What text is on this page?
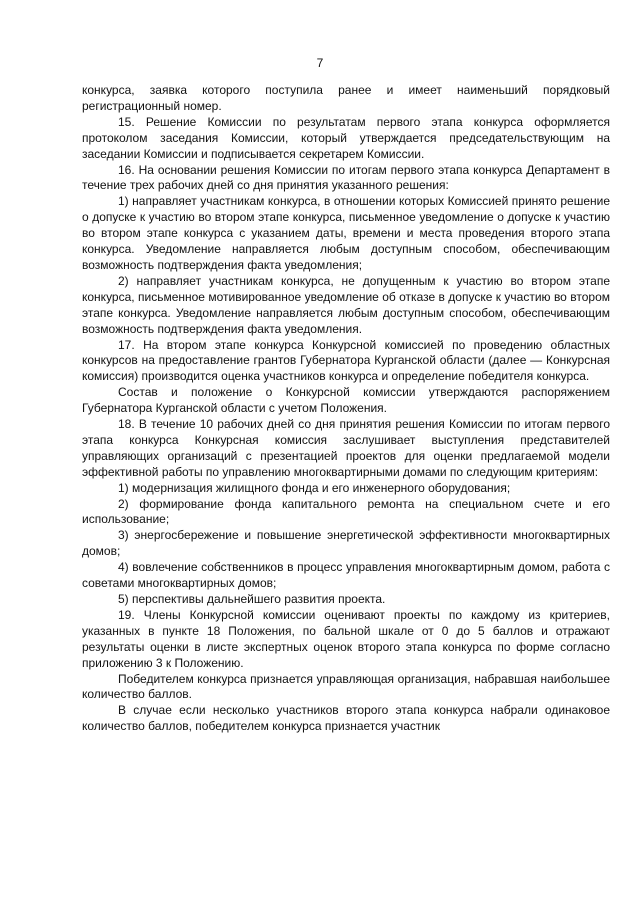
7

конкурса, заявка которого поступила ранее и имеет наименьший порядковый регистрационный номер.

15. Решение Комиссии по результатам первого этапа конкурса оформляется протоколом заседания Комиссии, который утверждается председательствующим на заседании Комиссии и подписывается секретарем Комиссии.

16. На основании решения Комиссии по итогам первого этапа конкурса Департамент в течение трех рабочих дней со дня принятия указанного решения:

1) направляет участникам конкурса, в отношении которых Комиссией принято решение о допуске к участию во втором этапе конкурса, письменное уведомление о допуске к участию во втором этапе конкурса с указанием даты, времени и места проведения второго этапа конкурса. Уведомление направляется любым доступным способом, обеспечивающим возможность подтверждения факта уведомления;

2) направляет участникам конкурса, не допущенным к участию во втором этапе конкурса, письменное мотивированное уведомление об отказе в допуске к участию во втором этапе конкурса. Уведомление направляется любым доступным способом, обеспечивающим возможность подтверждения факта уведомления.

17. На втором этапе конкурса Конкурсной комиссией по проведению областных конкурсов на предоставление грантов Губернатора Курганской области (далее — Конкурсная комиссия) производится оценка участников конкурса и определение победителя конкурса.

Состав и положение о Конкурсной комиссии утверждаются распоряжением Губернатора Курганской области с учетом Положения.

18. В течение 10 рабочих дней со дня принятия решения Комиссии по итогам первого этапа конкурса Конкурсная комиссия заслушивает выступления представителей управляющих организаций с презентацией проектов для оценки предлагаемой модели эффективной работы по управлению многоквартирными домами по следующим критериям:

1) модернизация жилищного фонда и его инженерного оборудования;

2) формирование фонда капитального ремонта на специальном счете и его использование;

3) энергосбережение и повышение энергетической эффективности многоквартирных домов;

4) вовлечение собственников в процесс управления многоквартирным домом, работа с советами многоквартирных домов;

5) перспективы дальнейшего развития проекта.

19. Члены Конкурсной комиссии оценивают проекты по каждому из критериев, указанных в пункте 18 Положения, по бальной шкале от 0 до 5 баллов и отражают результаты оценки в листе экспертных оценок второго этапа конкурса по форме согласно приложению 3 к Положению.

Победителем конкурса признается управляющая организация, набравшая наибольшее количество баллов.

В случае если несколько участников второго этапа конкурса набрали одинаковое количество баллов, победителем конкурса признается участник
